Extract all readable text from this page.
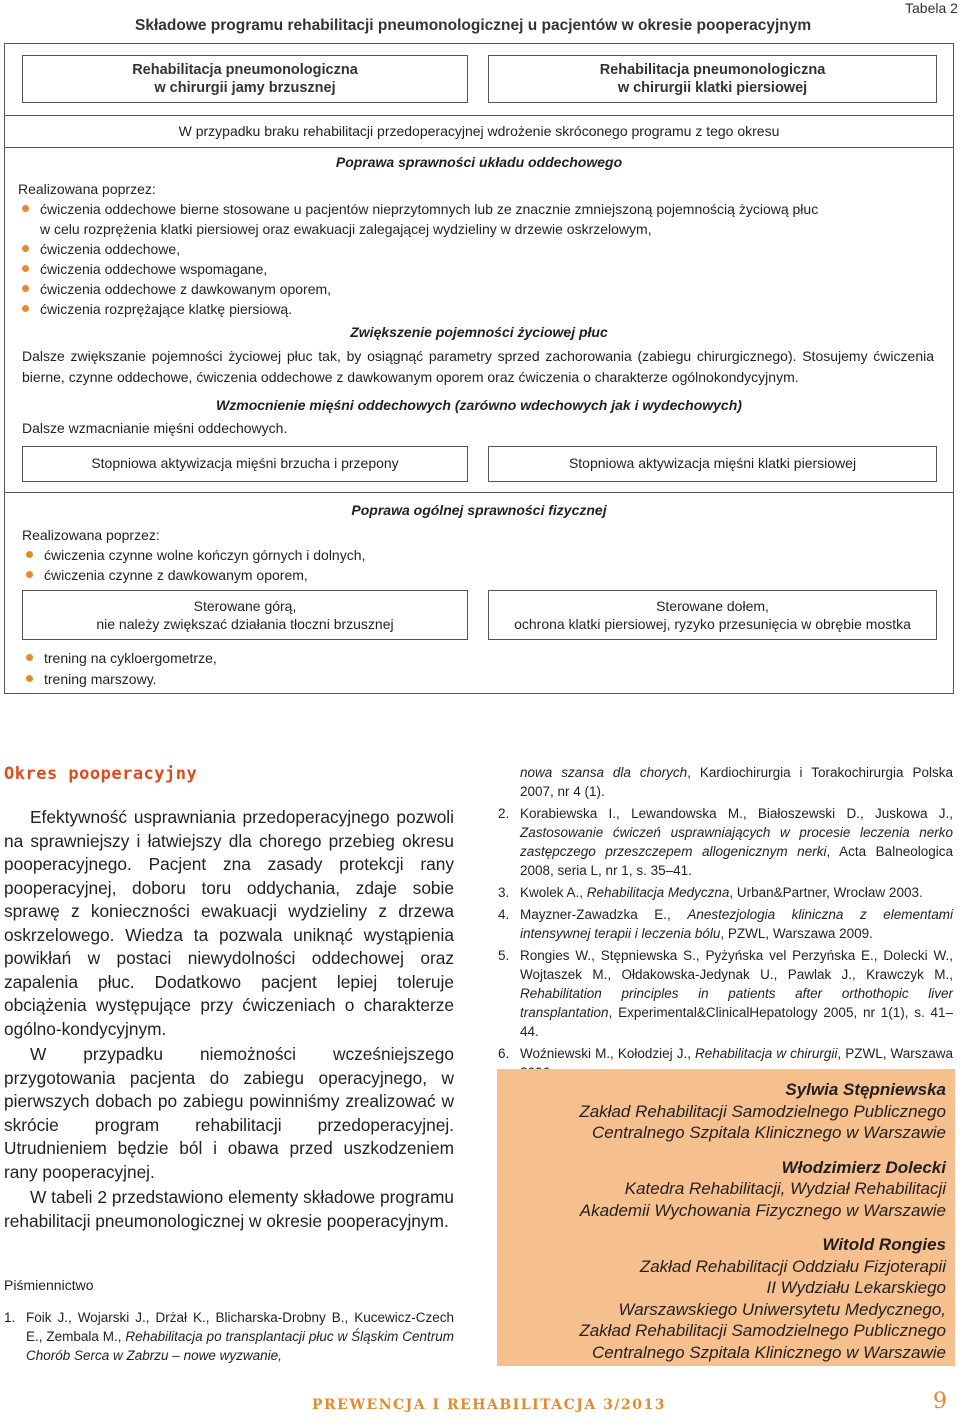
Składowe programu rehabilitacji pneumonologicznej u pacjentów w okresie pooperacyjnym
Tabela 2
Rehabilitacja pneumonologiczna
w chirurgii jamy brzusznej
Rehabilitacja pneumonologiczna
w chirurgii klatki piersiowej
W przypadku braku rehabilitacji przedoperacyjnej wdrożenie skróconego programu z tego okresu
Poprawa sprawności układu oddechowego
Realizowana poprzez:
ćwiczenia oddechowe bierne stosowane u pacjentów nieprzytomnych lub ze znacznie zmniejszoną pojemnością życiową płuc
w celu rozprężenia klatki piersiowej oraz ewakuacji zalegającej wydzieliny w drzewie oskrzelowym,
ćwiczenia oddechowe,
ćwiczenia oddechowe wspomagane,
ćwiczenia oddechowe z dawkowanym oporem,
ćwiczenia rozprężające klatkę piersiową.
Zwiększenie pojemności życiowej płuc
Dalsze zwiększanie pojemności życiowej płuc tak, by osiągnąć parametry sprzed zachorowania (zabiegu chirurgicznego). Stosujemy ćwiczenia bierne, czynne oddechowe, ćwiczenia oddechowe z dawkowanym oporem oraz ćwiczenia o charakterze ogólnokondycyjnym.
Wzmocnienie mięśni oddechowych (zarówno wdechowych jak i wydechowych)
Dalsze wzmacnianie mięśni oddechowych.
Stopniowa aktywizacja mięśni brzucha i przepony	Stopniowa aktywizacja mięśni klatki piersiowej
Poprawa ogólnej sprawności fizycznej
Realizowana poprzez:
ćwiczenia czynne wolne kończyn górnych i dolnych,
ćwiczenia czynne z dawkowanym oporem,
Sterowane górą,
nie należy zwiększać działania tłoczni brzusznej
Sterowane dołem,
ochrona klatki piersiowej, ryzyko przesunięcia w obrębie mostka
trening na cykloergometrze,
trening marszowy.
Okres pooperacyjny

Efektywność usprawniania przedoperacyjnego pozwoli na sprawniejszy i łatwiejszy dla chorego przebieg okresu pooperacyjnego. Pacjent zna zasady protekcji rany pooperacyjnej, doboru toru oddychania, zdaje sobie sprawę z konieczności ewakuacji wydzieliny z drzewa oskrzelowego. Wiedza ta pozwala uniknąć wystąpienia powikłań w postaci niewydolności oddechowej oraz zapalenia płuc. Dodatkowo pacjent lepiej toleruje obciążenia występujące przy ćwiczeniach o charakterze ogólno-kondycyjnym.

W przypadku niemożności wcześniejszego przygotowania pacjenta do zabiegu operacyjnego, w pierwszych dobach po zabiegu powinniśmy zrealizować w skrócie program rehabilitacji przedoperacyjnej. Utrudnieniem będzie ból i obawa przed uszkodzeniem rany pooperacyjnej.

W tabeli 2 przedstawiono elementy składowe programu rehabilitacji pneumonologicznej w okresie pooperacyjnym.

Piśmiennictwo
1. Foik J., Wojarski J., Drżał K., Blicharska-Drobny B., Kucewicz-Czech E., Zembala M., Rehabilitacja po transplantacji płuc w Śląskim Centrum Chorób Serca w Zabrzu – nowe wyzwanie,
nowa szansa dla chorych, Kardiochirurgia i Torakochirurgia Polska 2007, nr 4 (1).
2. Korabiewska I., Lewandowska M., Białoszewski D., Juskowa J., Zastosowanie ćwiczeń usprawniających w procesie leczenia nerko zastępczego przeszczepem allogenicznym nerki, Acta Balneologica 2008, seria L, nr 1, s. 35–41.
3. Kwolek A., Rehabilitacja Medyczna, Urban&Partner, Wrocław 2003.
4. Mayzner-Zawadzka E., Anestezjologia kliniczna z elementami intensywnej terapii i leczenia bólu, PZWL, Warszawa 2009.
5. Rongies W., Stępniewska S., Pyżyńska vel Perzyńska E., Dolecki W., Wojtaszek M., Ołdakowska-Jedynak U., Pawlak J., Krawczyk M., Rehabilitation principles in patients after orthothopic liver transplantation, Experimental&ClinicalHepatology 2005, nr 1(1), s. 41–44.
6. Woźniewski M., Kołodziej J., Rehabilitacja w chirurgii, PZWL, Warszawa
Sylwia Stępniewska
Zakład Rehabilitacji Samodzielnego Publicznego
Centralnego Szpitala Klinicznego w Warszawie
Włodzimierz Dolecki
Katedra Rehabilitacji, Wydział Rehabilitacji
Akademii Wychowania Fizycznego w Warszawie
Witold Rongies
Zakład Rehabilitacji Oddziału Fizjoterapii
II Wydziału Lekarskiego
Warszawskiego Uniwersytetu Medycznego,
Zakład Rehabilitacji Samodzielnego Publicznego
Centralnego Szpitala Klinicznego w Warszawie
PREWENCJA I REHABILITACJA 3/2013	9
